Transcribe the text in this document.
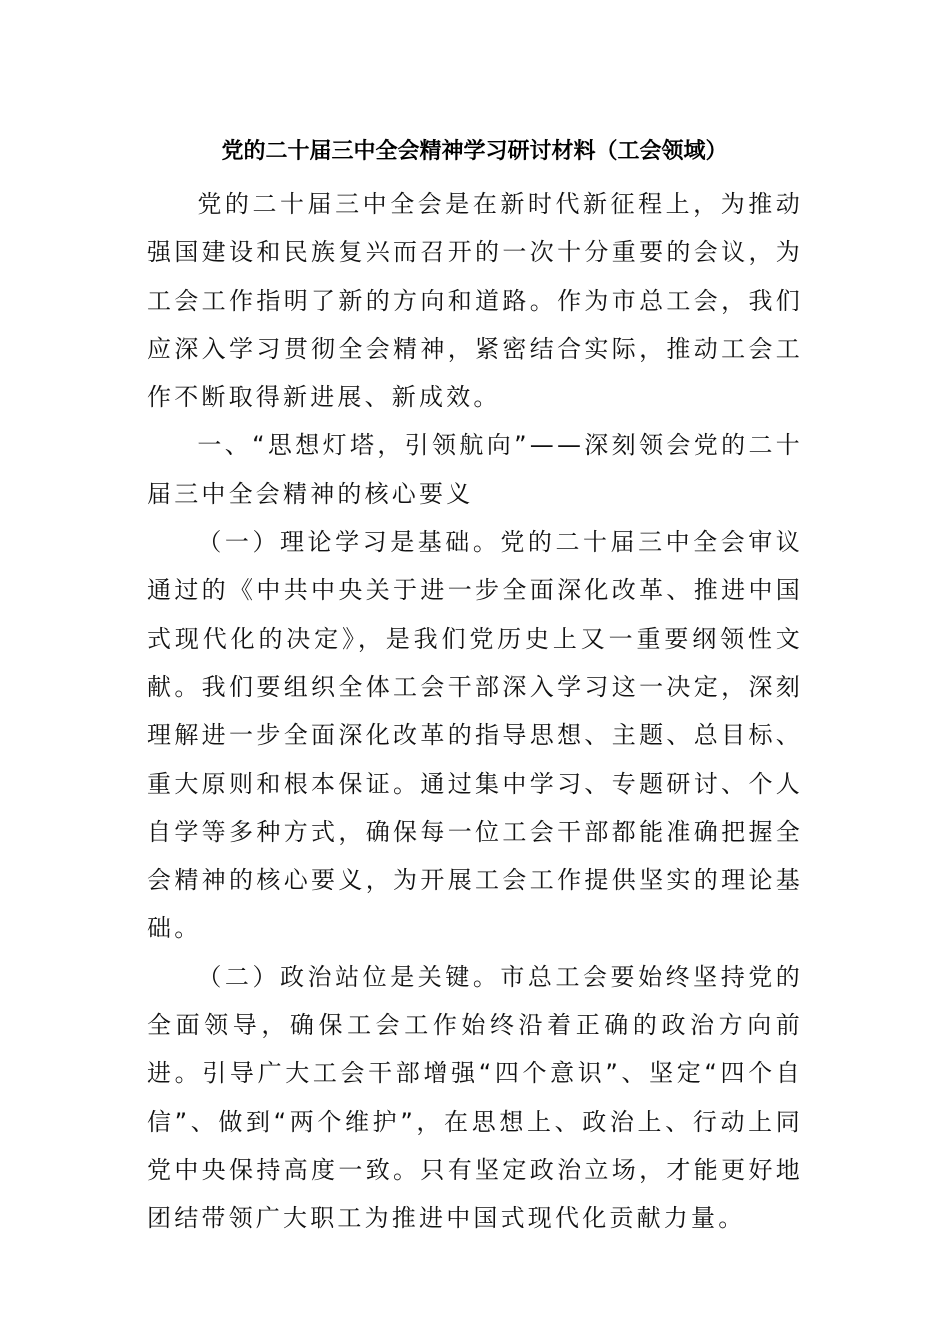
党的二十届三中全会精神学习研讨材料（工会领域）

党的二十届三中全会是在新时代新征程上，为推动强国建设和民族复兴而召开的一次十分重要的会议，为工会工作指明了新的方向和道路。作为市总工会，我们应深入学习贯彻全会精神，紧密结合实际，推动工会工作不断取得新进展、新成效。

一、“思想灯塔，引领航向”——深刻领会党的二十届三中全会精神的核心要义

（一）理论学习是基础。党的二十届三中全会审议通过的《中共中央关于进一步全面深化改革、推进中国式现代化的决定》，是我们党历史上又一重要纲领性文献。我们要组织全体工会干部深入学习这一决定，深刻理解进一步全面深化改革的指导思想、主题、总目标、重大原则和根本保证。通过集中学习、专题研讨、个人自学等多种方式，确保每一位工会干部都能准确把握全会精神的核心要义，为开展工会工作提供坚实的理论基础。

（二）政治站位是关键。市总工会要始终坚持党的全面领导，确保工会工作始终沿着正确的政治方向前进。引导广大工会干部增强“四个意识”、坚定“四个自信”、做到“两个维护”，在思想上、政治上、行动上同党中央保持高度一致。只有坚定政治立场，才能更好地团结带领广大职工为推进中国式现代化贡献力量。
